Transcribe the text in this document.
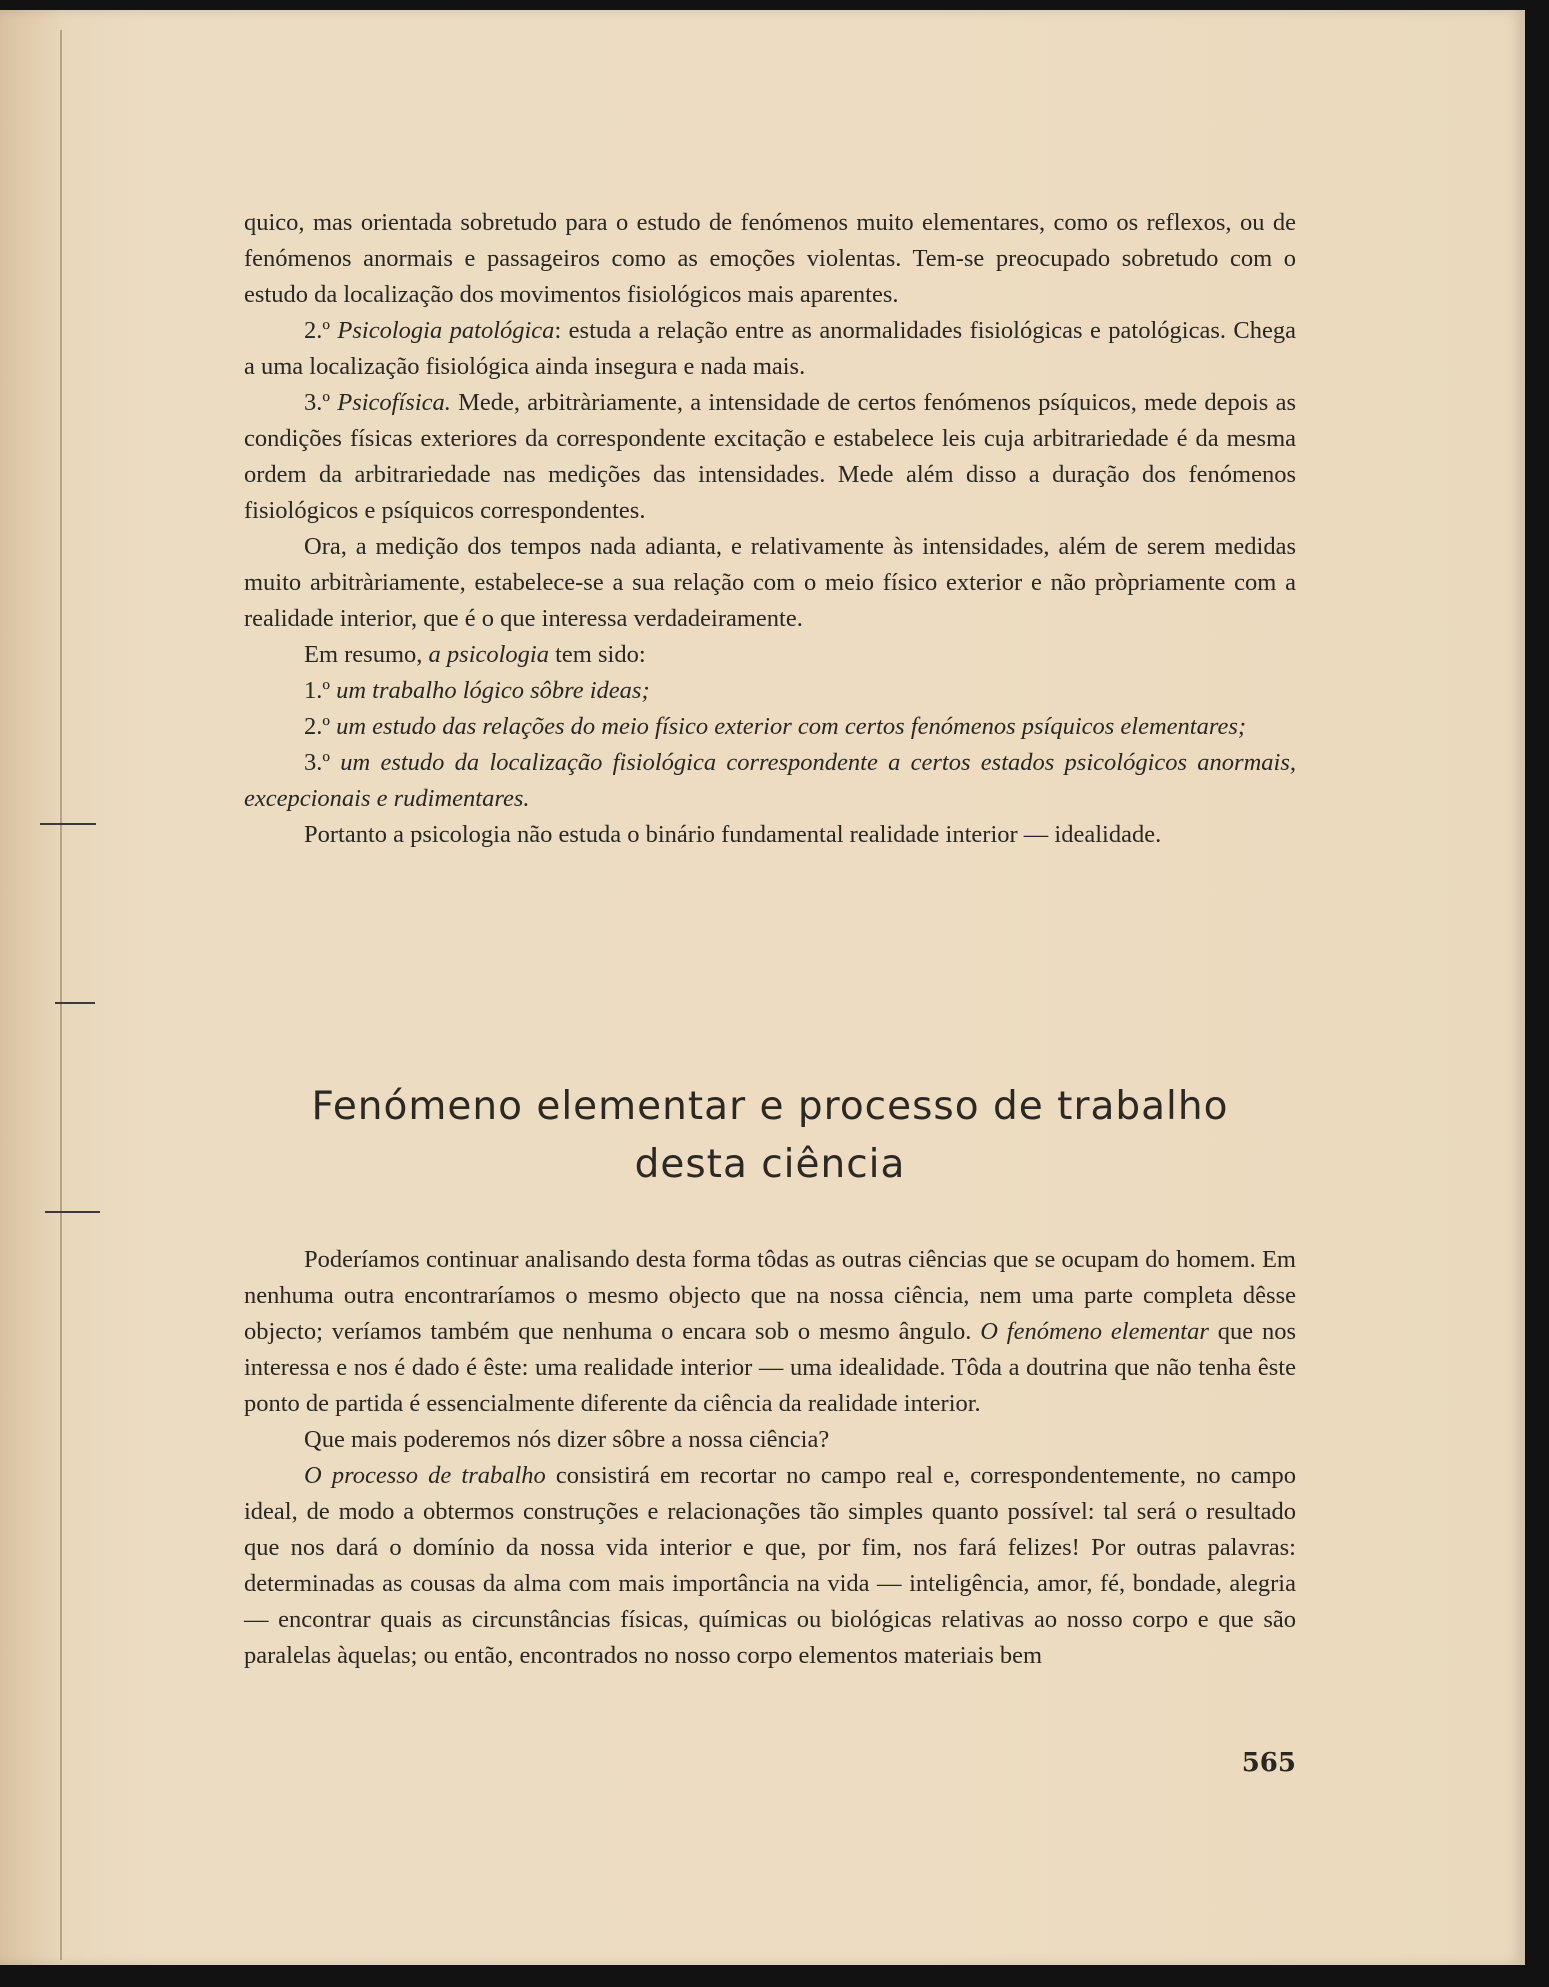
quico, mas orientada sobretudo para o estudo de fenómenos muito elementares, como os reflexos, ou de fenómenos anormais e passageiros como as emoções violentas. Tem-se preocupado sobretudo com o estudo da localização dos movimentos fisiológicos mais aparentes.

2.º Psicologia patológica: estuda a relação entre as anormalidades fisiológicas e patológicas. Chega a uma localização fisiológica ainda insegura e nada mais.

3.º Psicofísica. Mede, arbitràriamente, a intensidade de certos fenómenos psíquicos, mede depois as condições físicas exteriores da correspondente excitação e estabelece leis cuja arbitrariedade é da mesma ordem da arbitrariedade nas medições das intensidades. Mede além disso a duração dos fenómenos fisiológicos e psíquicos correspondentes.

Ora, a medição dos tempos nada adianta, e relativamente às intensidades, além de serem medidas muito arbitràriamente, estabelece-se a sua relação com o meio físico exterior e não pròpriamente com a realidade interior, que é o que interessa verdadeiramente.

Em resumo, a psicologia tem sido:

1.º um trabalho lógico sôbre ideas;

2.º um estudo das relações do meio físico exterior com certos fenómenos psíquicos elementares;

3.º um estudo da localização fisiológica correspondente a certos estados psicológicos anormais, excepcionais e rudimentares.

Portanto a psicologia não estuda o binário fundamental realidade interior — idealidade.

Fenómeno elementar e processo de trabalho
desta ciência

Poderíamos continuar analisando desta forma tôdas as outras ciências que se ocupam do homem. Em nenhuma outra encontraríamos o mesmo objecto que na nossa ciência, nem uma parte completa dêsse objecto; veríamos também que nenhuma o encara sob o mesmo ângulo. O fenómeno elementar que nos interessa e nos é dado é êste: uma realidade interior — uma idealidade. Tôda a doutrina que não tenha êste ponto de partida é essencialmente diferente da ciência da realidade interior.

Que mais poderemos nós dizer sôbre a nossa ciência?

O processo de trabalho consistirá em recortar no campo real e, correspondentemente, no campo ideal, de modo a obtermos construções e relacionações tão simples quanto possível: tal será o resultado que nos dará o domínio da nossa vida interior e que, por fim, nos fará felizes! Por outras palavras: determinadas as cousas da alma com mais importância na vida — inteligência, amor, fé, bondade, alegria — encontrar quais as circunstâncias físicas, químicas ou biológicas relativas ao nosso corpo e que são paralelas àquelas; ou então, encontrados no nosso corpo elementos materiais bem

565
